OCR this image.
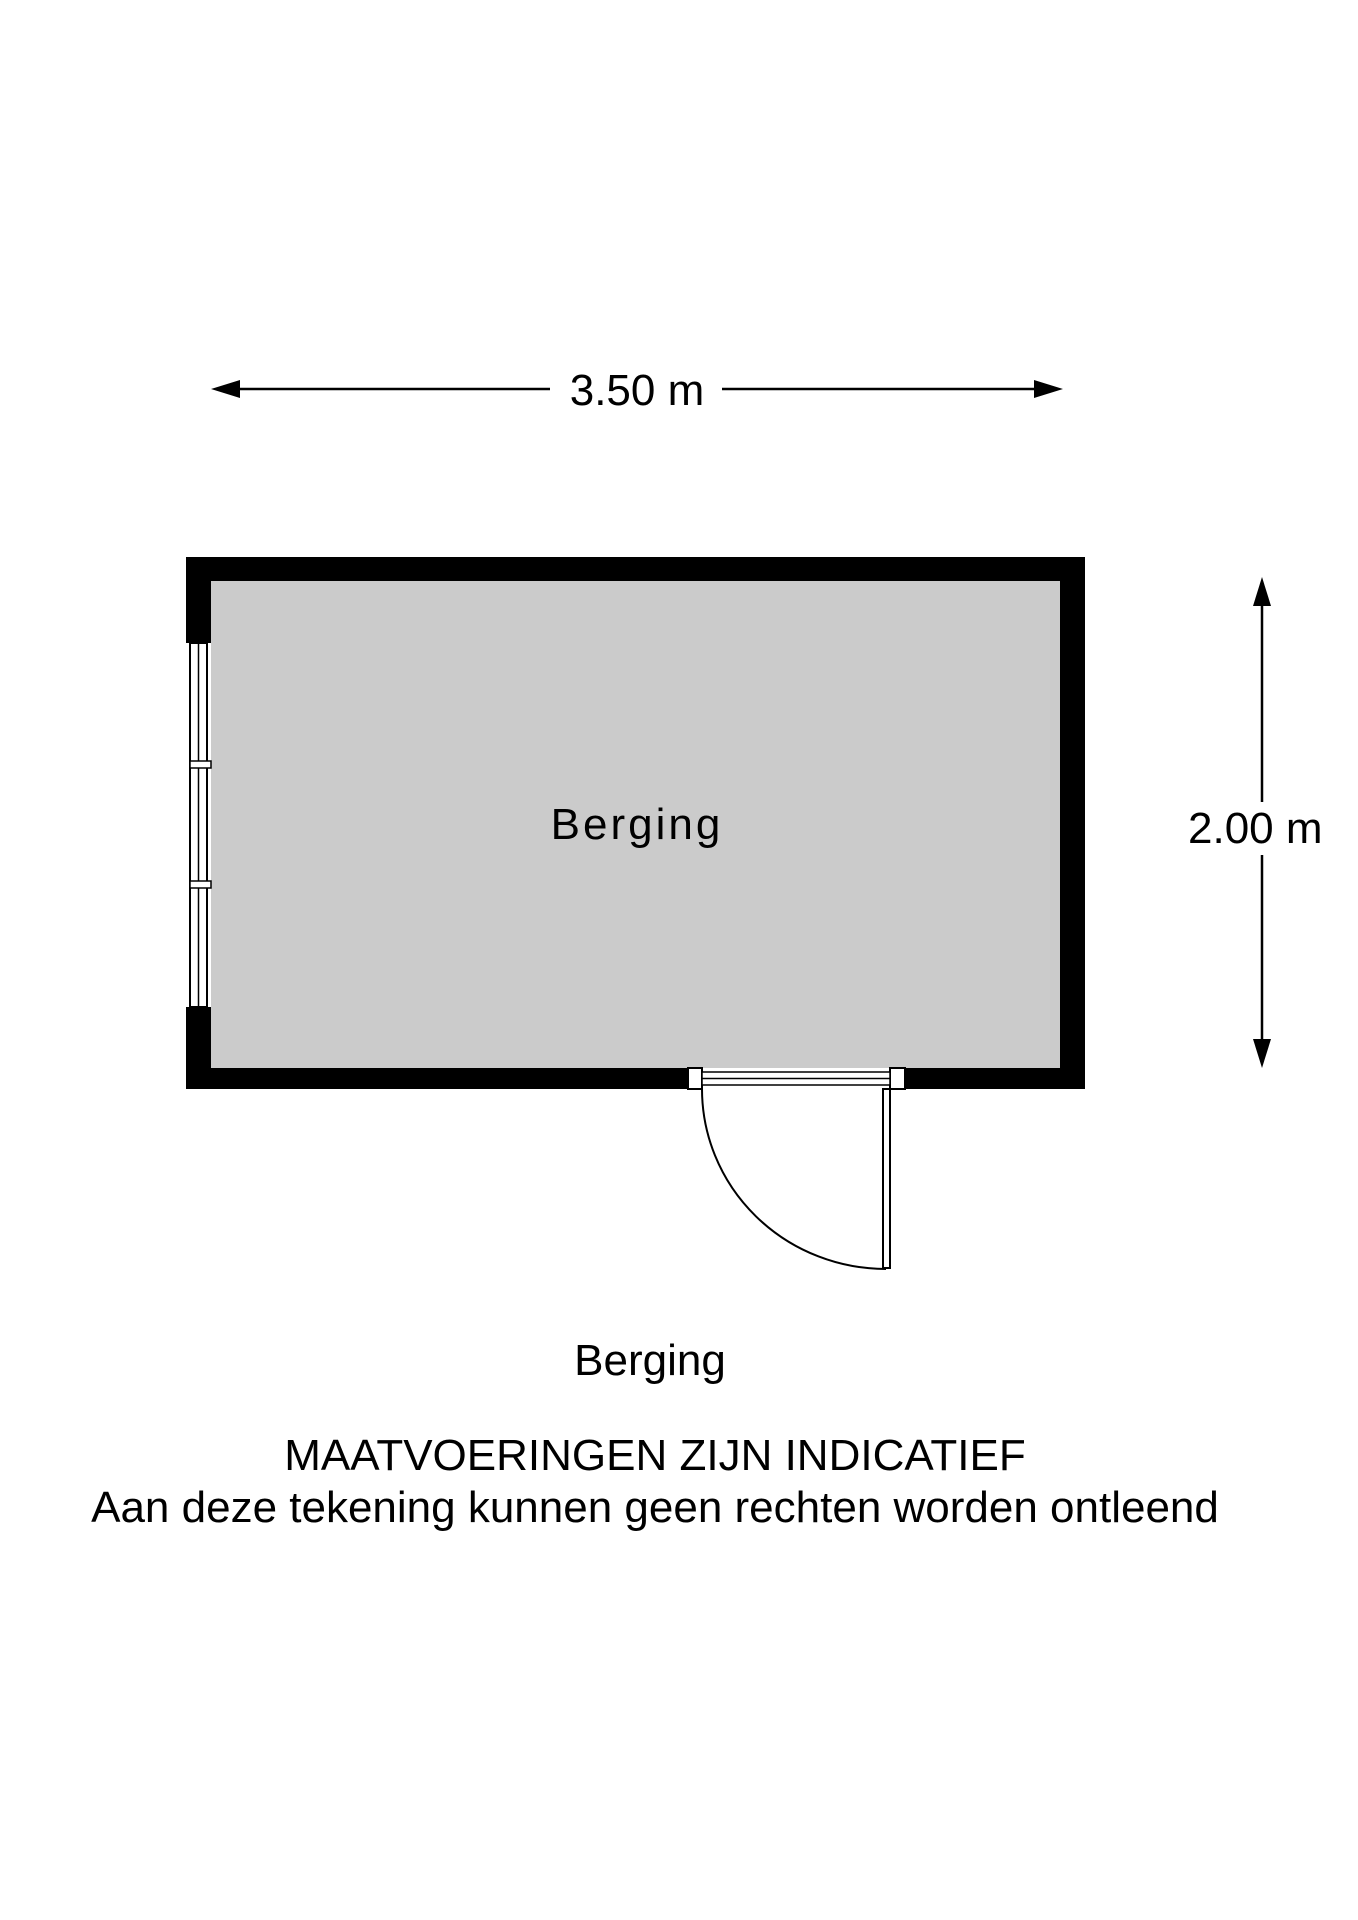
3.50 m
2.00 m
Berging
Berging
MAATVOERINGEN ZIJN INDICATIEF
Aan deze tekening kunnen geen rechten worden ontleend
